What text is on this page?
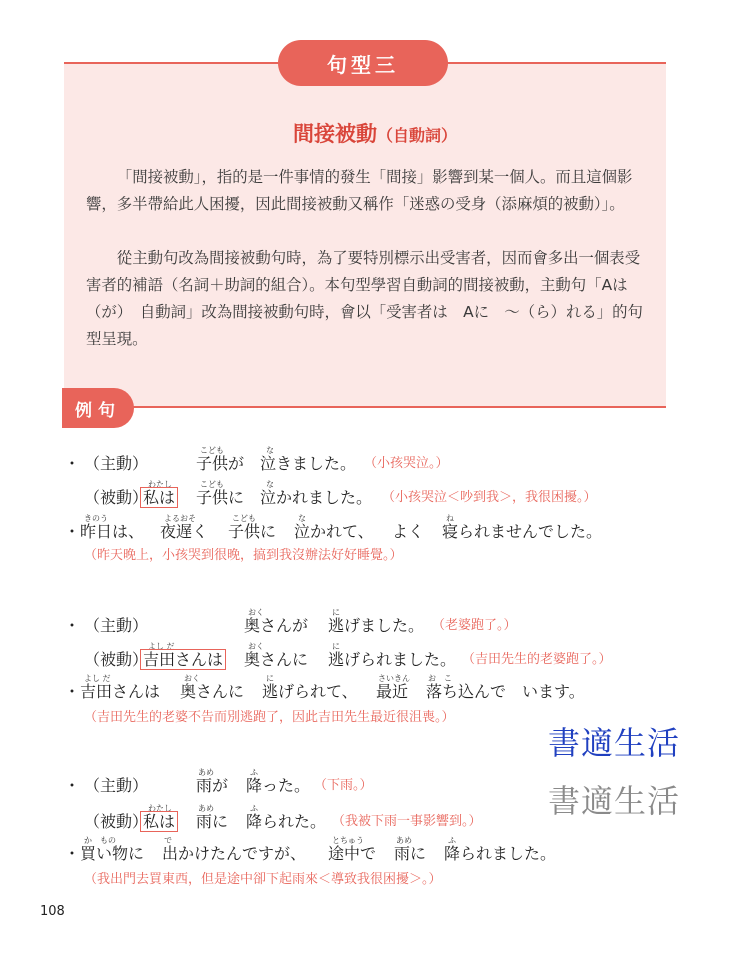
句型三
間接被動（自動詞）

「間接被動」，指的是一件事情的發生「間接」影響到某一個人。而且這個影響，多半帶給此人困擾，因此間接被動又稱作「迷惑の受身（添麻煩的被動）」。

從主動句改為間接被動句時，為了要特別標示出受害者，因而會多出一個表受害者的補語（名詞＋助詞的組合）。本句型學習自動詞的間接被動，主動句「Aは（が）　自動詞」改為間接被動句時，會以「受害者は　Aに　〜（ら）れる」的句型呈現。

例句
・ （主動）
こども
子供が
な
泣きました。 （小孩哭泣。）
（被動）
わたし
私は
こども
子供に
な
泣かれました。 （小孩哭泣＜吵到我＞，我很困擾。）
・
きのう
昨日は、
よるおそ
夜遅く
こども
子供に
な
泣かれて、 よく
ね
寝られませんでした。
（昨天晚上，小孩哭到很晚，搞到我沒辦法好好睡覺。）
・ （主動）
おく
奥さんが
に
逃げました。 （老婆跑了。）
（被動）
よし だ
吉田さんは
おく
奥さんに
に
逃げられました。 （吉田先生的老婆跑了。）
・
よし だ
吉田さんは
おく
奥さんに
に
逃げられて、
さいきん
最近
お　こ
落ち込んで います。
（吉田先生的老婆不告而別逃跑了，因此吉田先生最近很沮喪。）
・ （主動）
あめ
雨が
ふ
降った。 （下雨。）
（被動）
わたし
私は
あめ
雨に
ふ
降られた。 （我被下雨一事影響到。）
・
か　もの
買い物に
で
出かけたんですが、
とちゅう
途中で
あめ
雨に
ふ
降られました。
（我出門去買東西，但是途中卻下起雨來＜導致我很困擾＞。）
書適生活
書適生活
108
